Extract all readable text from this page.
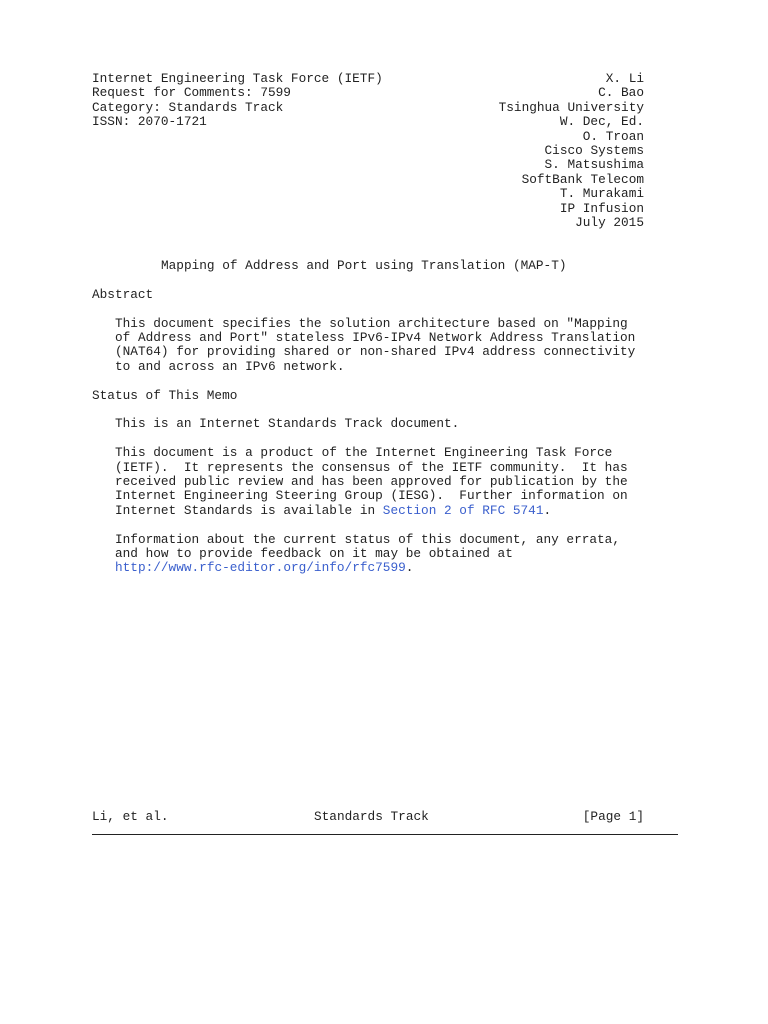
Internet Engineering Task Force (IETF)	X. Li
Request for Comments: 7599	C. Bao
Category: Standards Track	Tsinghua University
ISSN: 2070-1721	W. Dec, Ed.
O. Troan
Cisco Systems
S. Matsushima
SoftBank Telecom
T. Murakami
IP Infusion
July 2015
Mapping of Address and Port using Translation (MAP-T)
Abstract
This document specifies the solution architecture based on "Mapping
of Address and Port" stateless IPv6-IPv4 Network Address Translation
(NAT64) for providing shared or non-shared IPv4 address connectivity
to and across an IPv6 network.
Status of This Memo
This is an Internet Standards Track document.
This document is a product of the Internet Engineering Task Force
(IETF).  It represents the consensus of the IETF community.  It has
received public review and has been approved for publication by the
Internet Engineering Steering Group (IESG).  Further information on
Internet Standards is available in Section 2 of RFC 5741.
Information about the current status of this document, any errata,
and how to provide feedback on it may be obtained at
http://www.rfc-editor.org/info/rfc7599.
Li, et al.	Standards Track	[Page 1]
